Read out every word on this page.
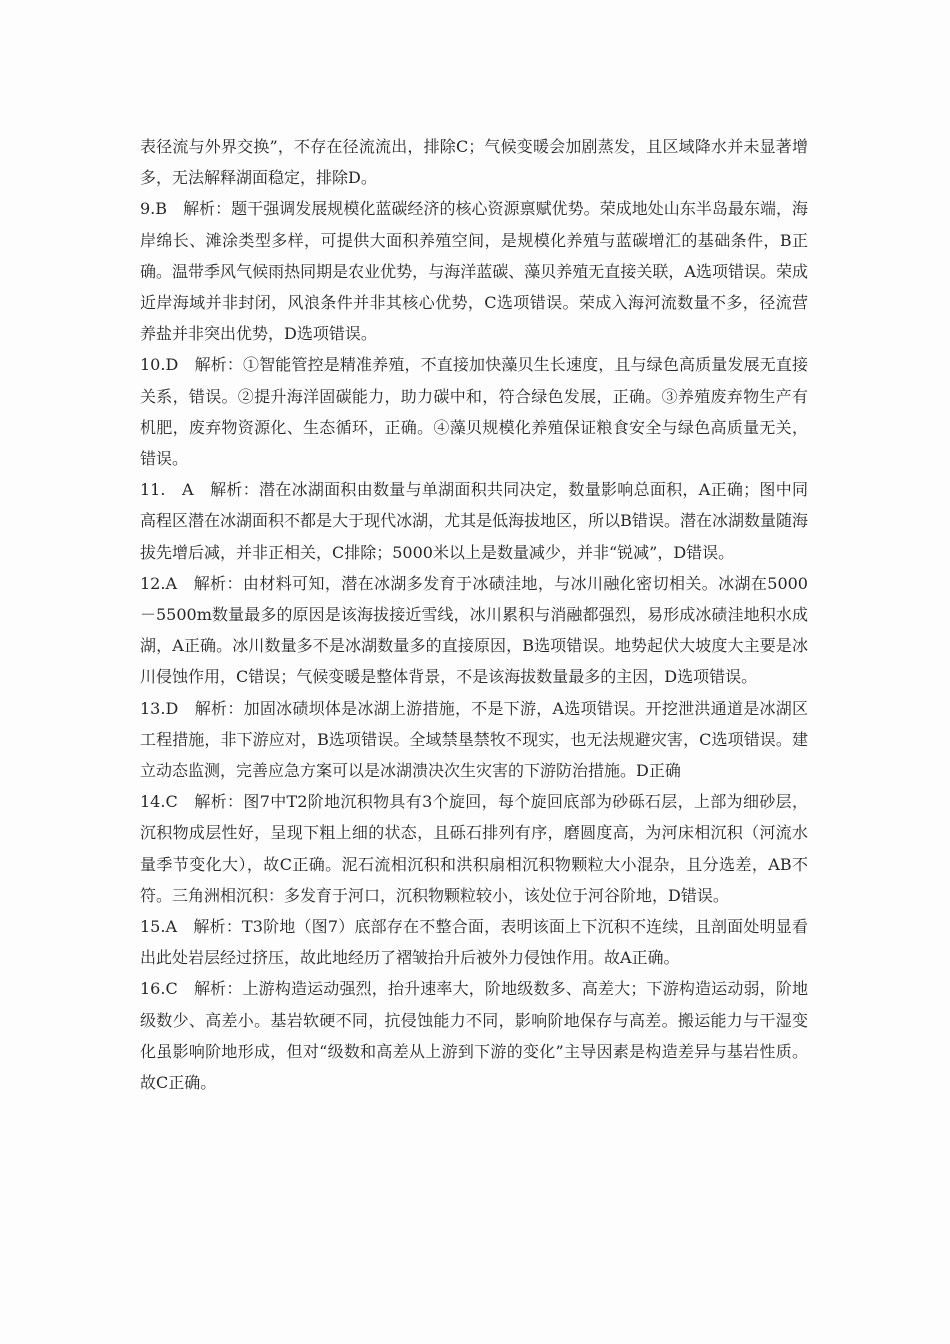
表径流与外界交换”，不存在径流流出，排除C；气候变暖会加剧蒸发，且区域降水并未显著增多，无法解释湖面稳定，排除D。

9.B　解析：题干强调发展规模化蓝碳经济的核心资源禀赋优势。荣成地处山东半岛最东端，海岸绵长、滩涂类型多样，可提供大面积养殖空间，是规模化养殖与蓝碳增汇的基础条件，B正确。温带季风气候雨热同期是农业优势，与海洋蓝碳、藻贝养殖无直接关联，A选项错误。荣成近岸海域并非封闭，风浪条件并非其核心优势，C选项错误。荣成入海河流数量不多，径流营养盐并非突出优势，D选项错误。

10.D　解析：①智能管控是精准养殖，不直接加快藻贝生长速度，且与绿色高质量发展无直接关系，错误。②提升海洋固碳能力，助力碳中和，符合绿色发展，正确。③养殖废弃物生产有机肥，废弃物资源化、生态循环，正确。④藻贝规模化养殖保证粮食安全与绿色高质量无关，错误。

11.　A　解析：潜在冰湖面积由数量与单湖面积共同决定，数量影响总面积，A正确；图中同高程区潜在冰湖面积不都是大于现代冰湖，尤其是低海拔地区，所以B错误。潜在冰湖数量随海拔先增后减，并非正相关，C排除；5000米以上是数量减少，并非“锐减”，D错误。

12.A　解析：由材料可知，潜在冰湖多发育于冰碛洼地，与冰川融化密切相关。冰湖在5000－5500m数量最多的原因是该海拔接近雪线，冰川累积与消融都强烈，易形成冰碛洼地积水成湖，A正确。冰川数量多不是冰湖数量多的直接原因，B选项错误。地势起伏大坡度大主要是冰川侵蚀作用，C错误；气候变暖是整体背景，不是该海拔数量最多的主因，D选项错误。

13.D　解析：加固冰碛坝体是冰湖上游措施，不是下游，A选项错误。开挖泄洪通道是冰湖区工程措施，非下游应对，B选项错误。全域禁垦禁牧不现实，也无法规避灾害，C选项错误。建立动态监测，完善应急方案可以是冰湖溃决次生灾害的下游防治措施。D正确

14.C　解析：图7中T2阶地沉积物具有3个旋回，每个旋回底部为砂砾石层，上部为细砂层，沉积物成层性好，呈现下粗上细的状态，且砾石排列有序，磨圆度高，为河床相沉积（河流水量季节变化大），故C正确。泥石流相沉积和洪积扇相沉积物颗粒大小混杂，且分选差，AB不符。三角洲相沉积：多发育于河口，沉积物颗粒较小，该处位于河谷阶地，D错误。

15.A　解析：T3阶地（图7）底部存在不整合面，表明该面上下沉积不连续，且剖面处明显看出此处岩层经过挤压，故此地经历了褶皱抬升后被外力侵蚀作用。故A正确。

16.C　解析：上游构造运动强烈，抬升速率大，阶地级数多、高差大；下游构造运动弱，阶地级数少、高差小。基岩软硬不同，抗侵蚀能力不同，影响阶地保存与高差。搬运能力与干湿变化虽影响阶地形成，但对“级数和高差从上游到下游的变化”主导因素是构造差异与基岩性质。故C正确。
